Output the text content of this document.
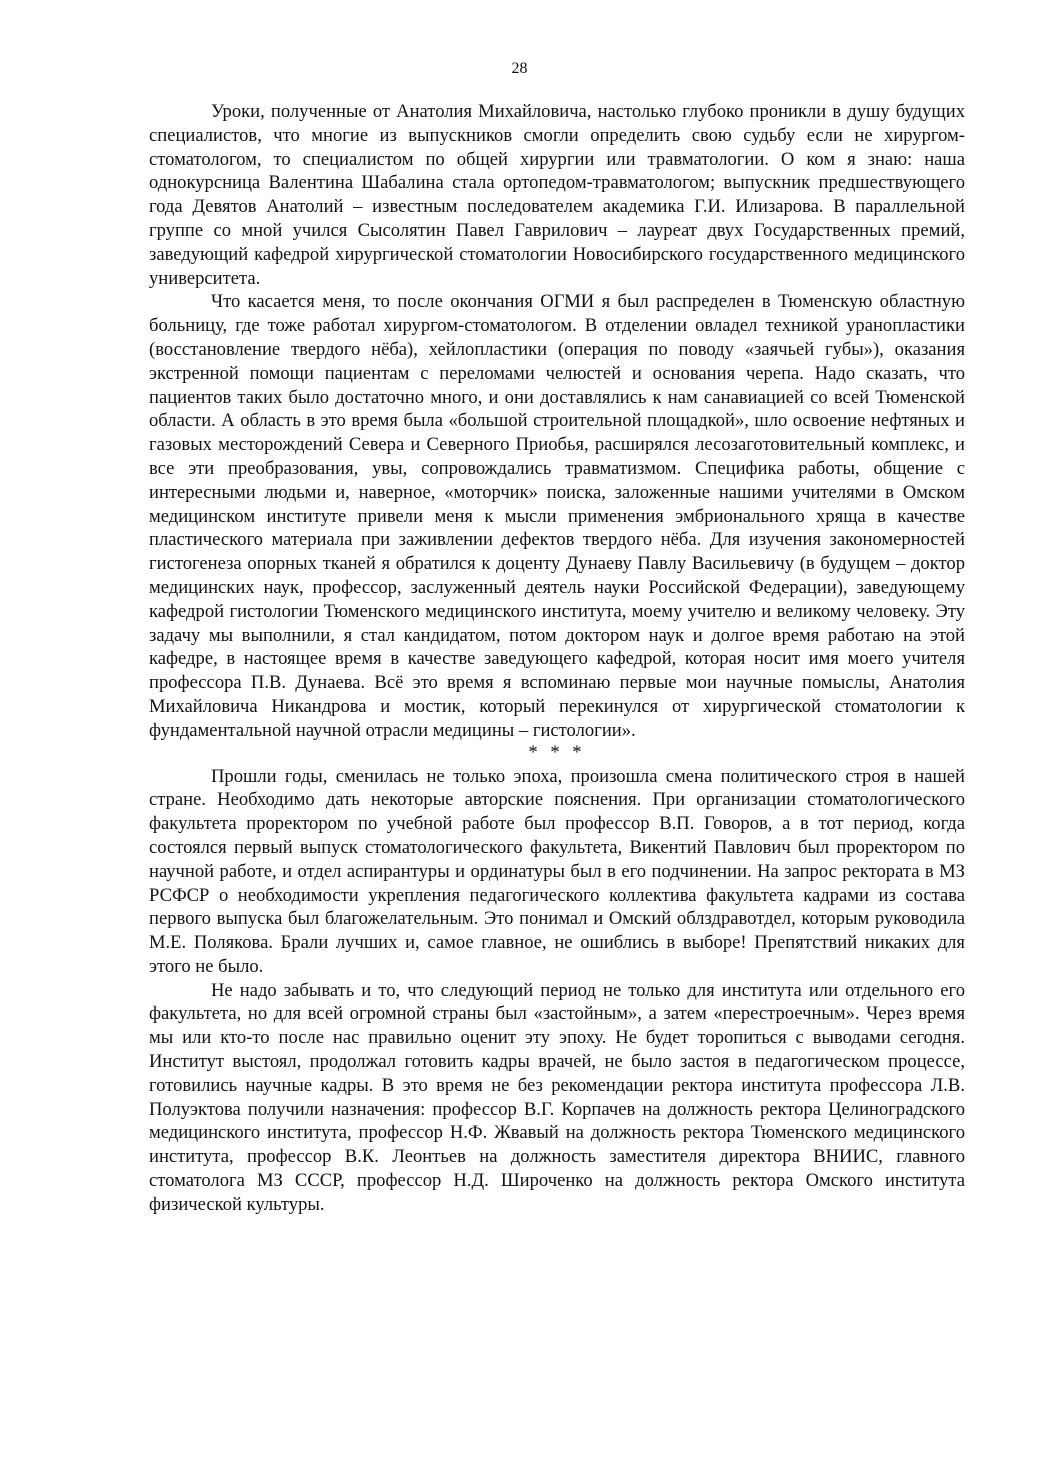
28

Уроки, полученные от Анатолия Михайловича, настолько глубоко проникли в душу будущих специалистов, что многие из выпускников смогли определить свою судьбу если не хирургом-стоматологом, то специалистом по общей хирургии или травматологии. О ком я знаю: наша однокурсница Валентина Шабалина стала ортопедом-травматологом; выпускник предшествующего года Девятов Анатолий – известным последователем академика Г.И. Илизарова. В параллельной группе со мной учился Сысолятин Павел Гаврилович – лауреат двух Государственных премий, заведующий кафедрой хирургической стоматологии Новосибирского государственного медицинского университета.

Что касается меня, то после окончания ОГМИ я был распределен в Тюменскую областную больницу, где тоже работал хирургом-стоматологом. В отделении овладел техникой уранопластики (восстановление твердого нёба), хейлопластики (операция по поводу «заячьей губы»), оказания экстренной помощи пациентам с переломами челюстей и основания черепа. Надо сказать, что пациентов таких было достаточно много, и они доставлялись к нам санавиацией со всей Тюменской области. А область в это время была «большой строительной площадкой», шло освоение нефтяных и газовых месторождений Севера и Северного Приобья, расширялся лесозаготовительный комплекс, и все эти преобразования, увы, сопровождались травматизмом. Специфика работы, общение с интересными людьми и, наверное, «моторчик» поиска, заложенные нашими учителями в Омском медицинском институте привели меня к мысли применения эмбрионального хряща в качестве пластического материала при заживлении дефектов твердого нёба. Для изучения закономерностей гистогенеза опорных тканей я обратился к доценту Дунаеву Павлу Васильевичу (в будущем – доктор медицинских наук, профессор, заслуженный деятель науки Российской Федерации), заведующему кафедрой гистологии Тюменского медицинского института, моему учителю и великому человеку. Эту задачу мы выполнили, я стал кандидатом, потом доктором наук и долгое время работаю на этой кафедре, в настоящее время в качестве заведующего кафедрой, которая носит имя моего учителя профессора П.В. Дунаева. Всё это время я вспоминаю первые мои научные помыслы, Анатолия Михайловича Никандрова и мостик, который перекинулся от хирургической стоматологии к фундаментальной научной отрасли медицины – гистологии».

* * *

Прошли годы, сменилась не только эпоха, произошла смена политического строя в нашей стране. Необходимо дать некоторые авторские пояснения. При организации стоматологического факультета проректором по учебной работе был профессор В.П. Говоров, а в тот период, когда состоялся первый выпуск стоматологического факультета, Викентий Павлович был проректором по научной работе, и отдел аспирантуры и ординатуры был в его подчинении. На запрос ректората в МЗ РСФСР о необходимости укрепления педагогического коллектива факультета кадрами из состава первого выпуска был благожелательным. Это понимал и Омский облздравотдел, которым руководила М.Е. Полякова. Брали лучших и, самое главное, не ошиблись в выборе! Препятствий никаких для этого не было.

Не надо забывать и то, что следующий период не только для института или отдельного его факультета, но для всей огромной страны был «застойным», а затем «перестроечным». Через время мы или кто-то после нас правильно оценит эту эпоху. Не будет торопиться с выводами сегодня. Институт выстоял, продолжал готовить кадры врачей, не было застоя в педагогическом процессе, готовились научные кадры. В это время не без рекомендации ректора института профессора Л.В. Полуэктова получили назначения: профессор В.Г. Корпачев на должность ректора Целиноградского медицинского института, профессор Н.Ф. Жвавый на должность ректора Тюменского медицинского института, профессор В.К. Леонтьев на должность заместителя директора ВНИИС, главного стоматолога МЗ СССР, профессор Н.Д. Широченко на должность ректора Омского института физической культуры.
